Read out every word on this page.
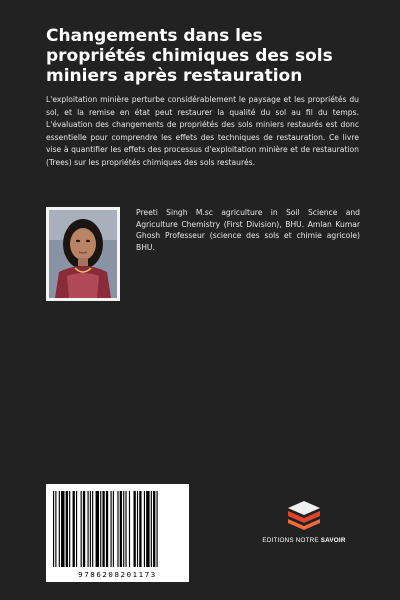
Changements dans les propriétés chimiques des sols miniers après restauration

L'exploitation minière perturbe considérablement le paysage et les propriétés du sol, et la remise en état peut restaurer la qualité du sol au fil du temps. L'évaluation des changements de propriétés des sols miniers restaurés est donc essentielle pour comprendre les effets des techniques de restauration. Ce livre vise à quantifier les effets des processus d'exploitation minière et de restauration (Trees) sur les propriétés chimiques des sols restaurés.

Preeti Singh M.sc agriculture in Soil Science and Agriculture Chemistry (First Division), BHU. Amlan Kumar Ghosh Professeur (science des sols et chimie agricole) BHU.

9786208201173
EDITIONS NOTRE SAVOIR
